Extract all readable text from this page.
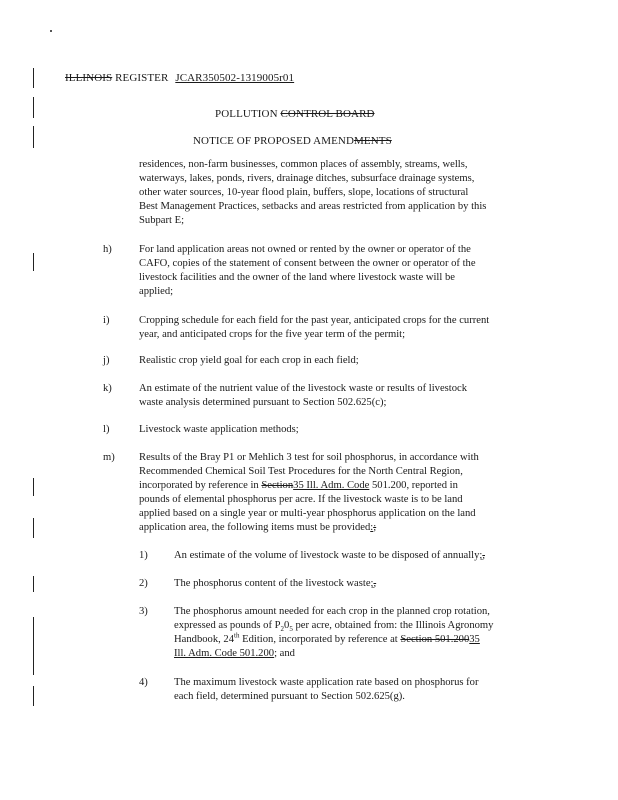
ILLINOIS REGISTER JCAR350502-1319005r01
POLLUTION CONTROL BOARD
NOTICE OF PROPOSED AMENDMENTS
residences, non-farm businesses, common places of assembly, streams, wells,
waterways, lakes, ponds, rivers, drainage ditches, subsurface drainage systems,
other water sources, 10-year flood plain, buffers, slope, locations of structural
Best Management Practices, setbacks and areas restricted from application by this
Subpart E;
h)	For land application areas not owned or rented by the owner or operator of the
CAFO, copies of the statement of consent between the owner or operator of the
livestock facilities and the owner of the land where livestock waste will be
applied;
i)	Cropping schedule for each field for the past year, anticipated crops for the current
year, and anticipated crops for the five year term of the permit;
j)	Realistic crop yield goal for each crop in each field;
k)	An estimate of the nutrient value of the livestock waste or results of livestock
waste analysis determined pursuant to Section 502.625(c);
l)	Livestock waste application methods;
m) Results of the Bray P1 or Mehlich 3 test for soil phosphorus, in accordance with
Recommended Chemical Soil Test Procedures for the North Central Region,
incorporated by reference in Section35 Ill. Adm. Code 501.200, reported in
pounds of elemental phosphorus per acre. If the livestock waste is to be land
applied based on a single year or multi-year phosphorus application on the land
application area, the following items must be provided:;
1) An estimate of the volume of livestock waste to be disposed of annually;,
2) The phosphorus content of the livestock waste;,
3) The phosphorus amount needed for each crop in the planned crop rotation,
expressed as pounds of $P_20_5$ per acre, obtained from: the Illinois Agronomy
Handbook, 24th Edition, incorporated by reference at Section 501.20035
Ill. Adm. Code 501.200; and
4) The maximum livestock waste application rate based on phosphorus for
each field, determined pursuant to Section 502.625(g).
